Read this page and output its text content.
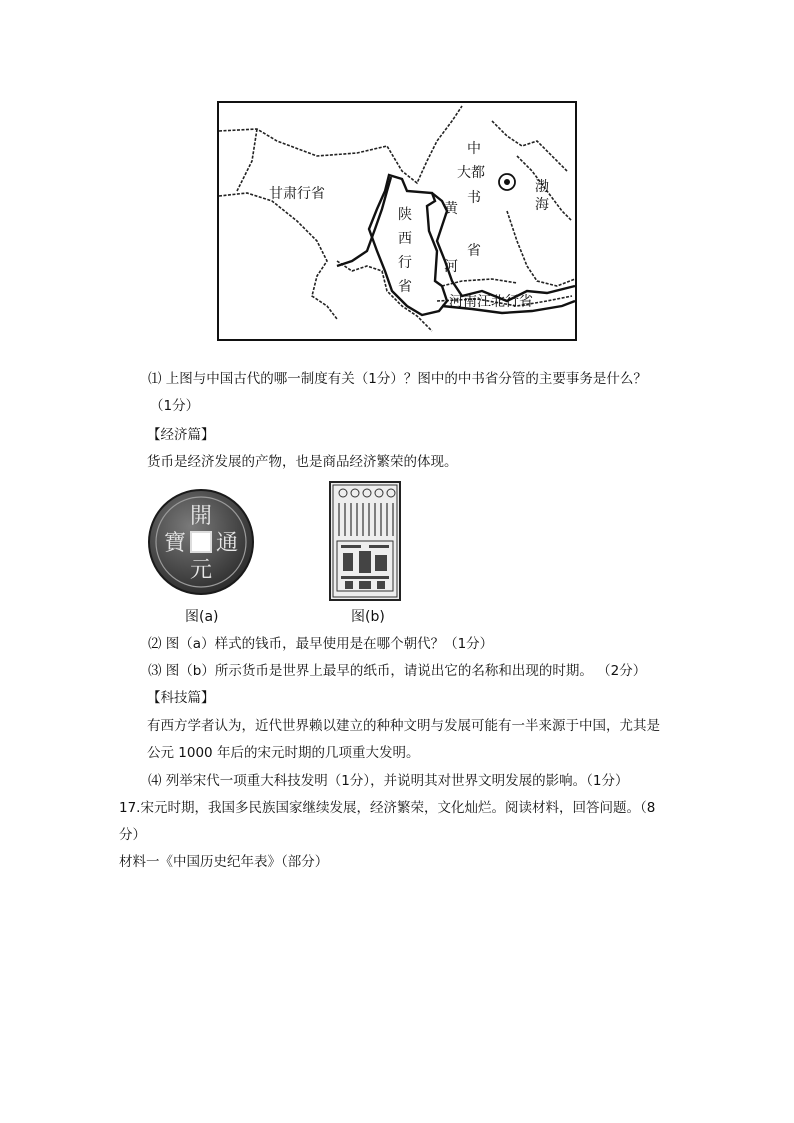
甘肃行省
陕
西
行
省
中
大都
书
省
黄
河
渤
海
河南江北行省
⑴ 上图与中国古代的哪一制度有关（1分）？图中的中书省分管的主要事务是什么？
（1分）
【经济篇】
货币是经济发展的产物，也是商品经济繁荣的体现。
開
通
元
寶
图(a)	图(b)
⑵ 图（a）样式的钱币，最早使用是在哪个朝代？（1分）
⑶ 图（b）所示货币是世界上最早的纸币，请说出它的名称和出现的时期。 （2分）
【科技篇】
有西方学者认为，近代世界赖以建立的种种文明与发展可能有一半来源于中国，尤其是
公元 1000 年后的宋元时期的几项重大发明。
⑷ 列举宋代一项重大科技发明（1分），并说明其对世界文明发展的影响。（1分）
17.宋元时期，我国多民族国家继续发展，经济繁荣，文化灿烂。阅读材料，回答问题。（8
分）
材料一《中国历史纪年表》（部分）
